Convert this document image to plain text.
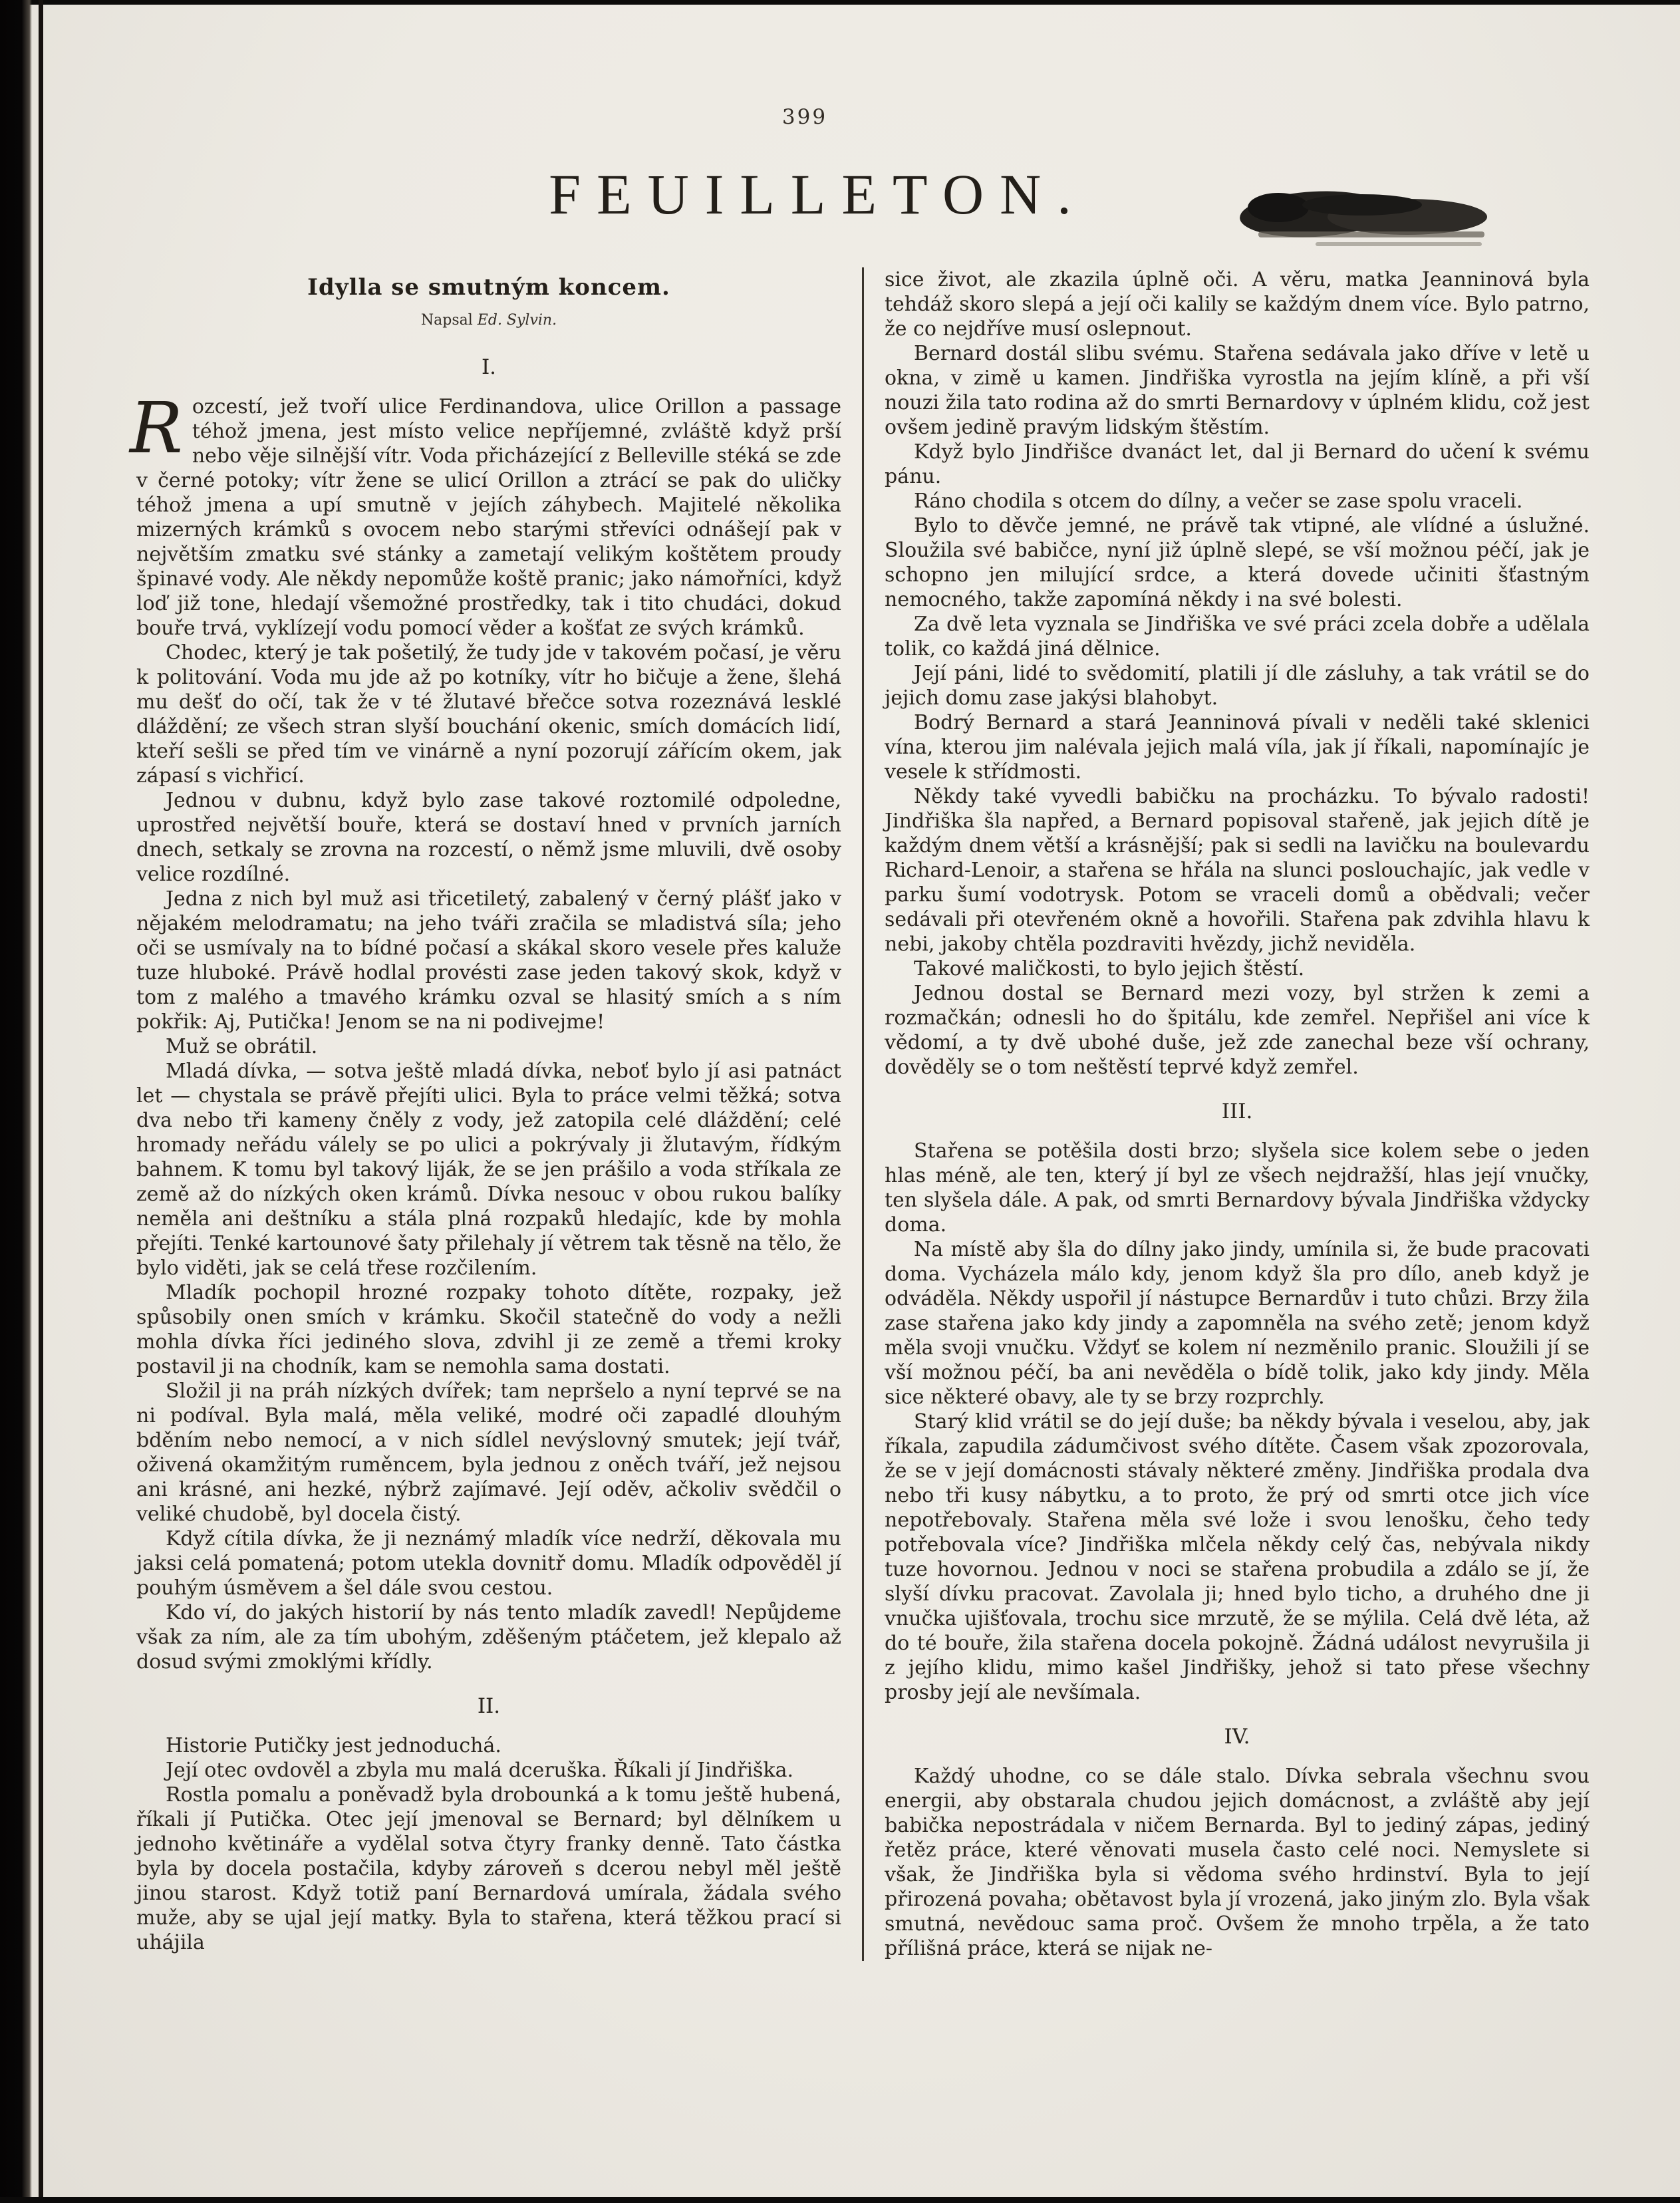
399
FEUILLETON.
Idylla se smutným koncem.
Napsal Ed. Sylvin.
I.

Rozcestí, jež tvoří ulice Ferdinandova, ulice Orillon a passage téhož jmena, jest místo velice nepříjemné, zvláště když prší nebo věje silnější vítr. Voda přicházející z Belleville stéká se zde v černé potoky; vítr žene se ulicí Orillon a ztrácí se pak do uličky téhož jmena a upí smutně v jejích záhybech. Majitelé několika mizerných krámků s ovocem nebo starými střevíci odnášejí pak v největším zmatku své stánky a zametají velikým koštětem proudy špinavé vody. Ale někdy nepomůže koště pranic; jako námořníci, když loď již tone, hledají všemožné prostředky, tak i tito chudáci, dokud bouře trvá, vyklízejí vodu pomocí věder a košťat ze svých krámků.

Chodec, který je tak pošetilý, že tudy jde v takovém počasí, je věru k politování. Voda mu jde až po kotníky, vítr ho bičuje a žene, šlehá mu dešť do očí, tak že v té žlutavé břečce sotva rozeznává lesklé dláždění; ze všech stran slyší bouchání okenic, smích domácích lidí, kteří sešli se před tím ve vinárně a nyní pozorují zářícím okem, jak zápasí s vichřicí.

Jednou v dubnu, když bylo zase takové roztomilé odpoledne, uprostřed největší bouře, která se dostaví hned v prvních jarních dnech, setkaly se zrovna na rozcestí, o němž jsme mluvili, dvě osoby velice rozdílné.

Jedna z nich byl muž asi třicetiletý, zabalený v černý plášť jako v nějakém melodramatu; na jeho tváři zračila se mladistvá síla; jeho oči se usmívaly na to bídné počasí a skákal skoro vesele přes kaluže tuze hluboké. Právě hodlal provésti zase jeden takový skok, když v tom z malého a tmavého krámku ozval se hlasitý smích a s ním pokřik: Aj, Putička! Jenom se na ni podivejme!

Muž se obrátil.

Mladá dívka, — sotva ještě mladá dívka, neboť bylo jí asi patnáct let — chystala se právě přejíti ulici. Byla to práce velmi těžká; sotva dva nebo tři kameny čněly z vody, jež zatopila celé dláždění; celé hromady neřádu válely se po ulici a pokrývaly ji žlutavým, řídkým bahnem. K tomu byl takový liják, že se jen prášilo a voda stříkala ze země až do nízkých oken krámů. Dívka nesouc v obou rukou balíky neměla ani deštníku a stála plná rozpaků hledajíc, kde by mohla přejíti. Tenké kartounové šaty přilehaly jí větrem tak těsně na tělo, že bylo viděti, jak se celá třese rozčilením.

Mladík pochopil hrozné rozpaky tohoto dítěte, rozpaky, jež spůsobily onen smích v krámku. Skočil statečně do vody a nežli mohla dívka říci jediného slova, zdvihl ji ze země a třemi kroky postavil ji na chodník, kam se nemohla sama dostati.

Složil ji na práh nízkých dvířek; tam nepršelo a nyní teprvé se na ni podíval. Byla malá, měla veliké, modré oči zapadlé dlouhým bděním nebo nemocí, a v nich sídlel nevýslovný smutek; její tvář, oživená okamžitým ruměncem, byla jednou z oněch tváří, jež nejsou ani krásné, ani hezké, nýbrž zajímavé. Její oděv, ačkoliv svědčil o veliké chudobě, byl docela čistý.

Když cítila dívka, že ji neznámý mladík více nedrží, děkovala mu jaksi celá pomatená; potom utekla dovnitř domu. Mladík odpověděl jí pouhým úsměvem a šel dále svou cestou.

Kdo ví, do jakých historií by nás tento mladík zavedl! Nepůjdeme však za ním, ale za tím ubohým, zděšeným ptáčetem, jež klepalo až dosud svými zmoklými křídly.

II.

Historie Putičky jest jednoduchá.

Její otec ovdověl a zbyla mu malá dceruška. Říkali jí Jindřiška.

Rostla pomalu a poněvadž byla drobounká a k tomu ještě hubená, říkali jí Putička. Otec její jmenoval se Bernard; byl dělníkem u jednoho květináře a vydělal sotva čtyry franky denně. Tato částka byla by docela postačila, kdyby zároveň s dcerou nebyl měl ještě jinou starost. Když totiž paní Bernardová umírala, žádala svého muže, aby se ujal její matky. Byla to stařena, která těžkou prací si uhájila

sice život, ale zkazila úplně oči. A věru, matka Jeanninová byla tehdáž skoro slepá a její oči kalily se každým dnem více. Bylo patrno, že co nejdříve musí oslepnout.

Bernard dostál slibu svému. Stařena sedávala jako dříve v letě u okna, v zimě u kamen. Jindřiška vyrostla na jejím klíně, a při vší nouzi žila tato rodina až do smrti Bernardovy v úplném klidu, což jest ovšem jedině pravým lidským štěstím.

Když bylo Jindřišce dvanáct let, dal ji Bernard do učení k svému pánu.

Ráno chodila s otcem do dílny, a večer se zase spolu vraceli.

Bylo to děvče jemné, ne právě tak vtipné, ale vlídné a úslužné. Sloužila své babičce, nyní již úplně slepé, se vší možnou péčí, jak je schopno jen milující srdce, a která dovede učiniti šťastným nemocného, takže zapomíná někdy i na své bolesti.

Za dvě leta vyznala se Jindřiška ve své práci zcela dobře a udělala tolik, co každá jiná dělnice.

Její páni, lidé to svědomití, platili jí dle zásluhy, a tak vrátil se do jejich domu zase jakýsi blahobyt.

Bodrý Bernard a stará Jeanninová pívali v neděli také sklenici vína, kterou jim nalévala jejich malá víla, jak jí říkali, napomínajíc je vesele k střídmosti.

Někdy také vyvedli babičku na procházku. To bývalo radosti! Jindřiška šla napřed, a Bernard popisoval stařeně, jak jejich dítě je každým dnem větší a krásnější; pak si sedli na lavičku na boulevardu Richard-Lenoir, a stařena se hřála na slunci poslouchajíc, jak vedle v parku šumí vodotrysk. Potom se vraceli domů a obědvali; večer sedávali při otevřeném okně a hovořili. Stařena pak zdvihla hlavu k nebi, jakoby chtěla pozdraviti hvězdy, jichž neviděla.

Takové maličkosti, to bylo jejich štěstí.

Jednou dostal se Bernard mezi vozy, byl stržen k zemi a rozmačkán; odnesli ho do špitálu, kde zemřel. Nepřišel ani více k vědomí, a ty dvě ubohé duše, jež zde zanechal beze vší ochrany, dověděly se o tom neštěstí teprvé když zemřel.

III.

Stařena se potěšila dosti brzo; slyšela sice kolem sebe o jeden hlas méně, ale ten, který jí byl ze všech nejdražší, hlas její vnučky, ten slyšela dále. A pak, od smrti Bernardovy bývala Jindřiška vždycky doma.

Na místě aby šla do dílny jako jindy, umínila si, že bude pracovati doma. Vycházela málo kdy, jenom když šla pro dílo, aneb když je odváděla. Někdy uspořil jí nástupce Bernardův i tuto chůzi. Brzy žila zase stařena jako kdy jindy a zapomněla na svého zetě; jenom když měla svoji vnučku. Vždyť se kolem ní nezměnilo pranic. Sloužili jí se vší možnou péčí, ba ani nevěděla o bídě tolik, jako kdy jindy. Měla sice některé obavy, ale ty se brzy rozprchly.

Starý klid vrátil se do její duše; ba někdy bývala i veselou, aby, jak říkala, zapudila zádumčivost svého dítěte. Časem však zpozorovala, že se v její domácnosti stávaly některé změny. Jindřiška prodala dva nebo tři kusy nábytku, a to proto, že prý od smrti otce jich více nepotřebovaly. Stařena měla své lože i svou lenošku, čeho tedy potřebovala více? Jindřiška mlčela někdy celý čas, nebývala nikdy tuze hovornou. Jednou v noci se stařena probudila a zdálo se jí, že slyší dívku pracovat. Zavolala ji; hned bylo ticho, a druhého dne ji vnučka ujišťovala, trochu sice mrzutě, že se mýlila. Celá dvě léta, až do té bouře, žila stařena docela pokojně. Žádná událost nevyrušila ji z jejího klidu, mimo kašel Jindřišky, jehož si tato přese všechny prosby její ale nevšímala.

IV.

Každý uhodne, co se dále stalo. Dívka sebrala všechnu svou energii, aby obstarala chudou jejich domácnost, a zvláště aby její babička nepostrádala v ničem Bernarda. Byl to jediný zápas, jediný řetěz práce, které věnovati musela často celé noci. Nemyslete si však, že Jindřiška byla si vědoma svého hrdinství. Byla to její přirozená povaha; obětavost byla jí vrozená, jako jiným zlo. Byla však smutná, nevědouc sama proč. Ovšem že mnoho trpěla, a že tato přílišná práce, která se nijak ne-
